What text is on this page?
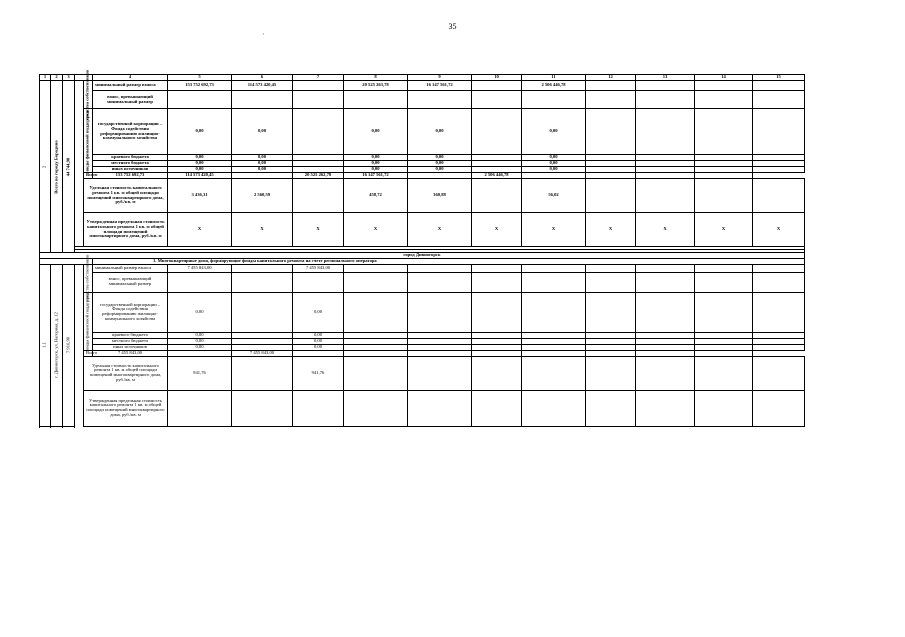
35
·
1	2	3			4	5	6	7	8	9	10	11	12	13	14	15

2	Всего по городу Бородино	44 744,90		средства собственников	минимальный размер взноса	153 752 692,73	114 573 420,45		20 525 263,78	16 147 561,72		2 506 446,78				
					взнос, превышающий минимальный размер											

				виды финансовой поддержки	государственной корпорации – Фонда содействия реформированию жилищно-коммунального хозяйства	0,00	0,00		0,00	0,00		0,00				
					краевого бюджета	0,00	0,00		0,00	0,00		0,00				
					местного бюджета	0,00	0,00		0,00	0,00		0,00				
					иных источников	0,00	0,00		0,00	0,00		0,00				
				Всего	153 752 692,73	114 573 420,45		20 525 262,78	16 147 561,72		2 506 446,78					
				Удельная стоимость капитального ремонта 1 кв. м общей площади помещений многоквартирного дома, руб./кв. м		3 436,31	2 560,59		458,72	360,88		56,02				
				Утвержденная предельная стоимость капитального ремонта 1 кв. м общей площади помещений многоквартирного дома, руб./кв. м		X	X	X	X	X	X	X	X	X	X	X

город Дивногорск																
					1. Многоквартирные дома, формирующие фонды капитального ремонта на счете регионального оператора											

1.1	г. Дивногорск, ул. Нагорная, д. 12	7 916,90		средства собственников	минимальный размер взноса	7 455 843,00		7 455 843,00								
					взнос, превышающий минимальный размер											

				виды финансовой поддержки	государственной корпорации – Фонда содействия реформированию жилищно-коммунального хозяйства	0,00		0,00								
					краевого бюджета	0,00		0,00								
					местного бюджета	0,00		0,00								
					иных источников	0,00		0,00								
				Всего	7 455 843,00		7 455 843,00									
				Удельная стоимость капитального ремонта 1 кв. м общей площади помещений многоквартирного дома, руб./кв. м		941,76		941,76								
				Утвержденная предельная стоимость капитального ремонта 1 кв. м общей площади помещений многоквартирного дома, руб./кв. м												
